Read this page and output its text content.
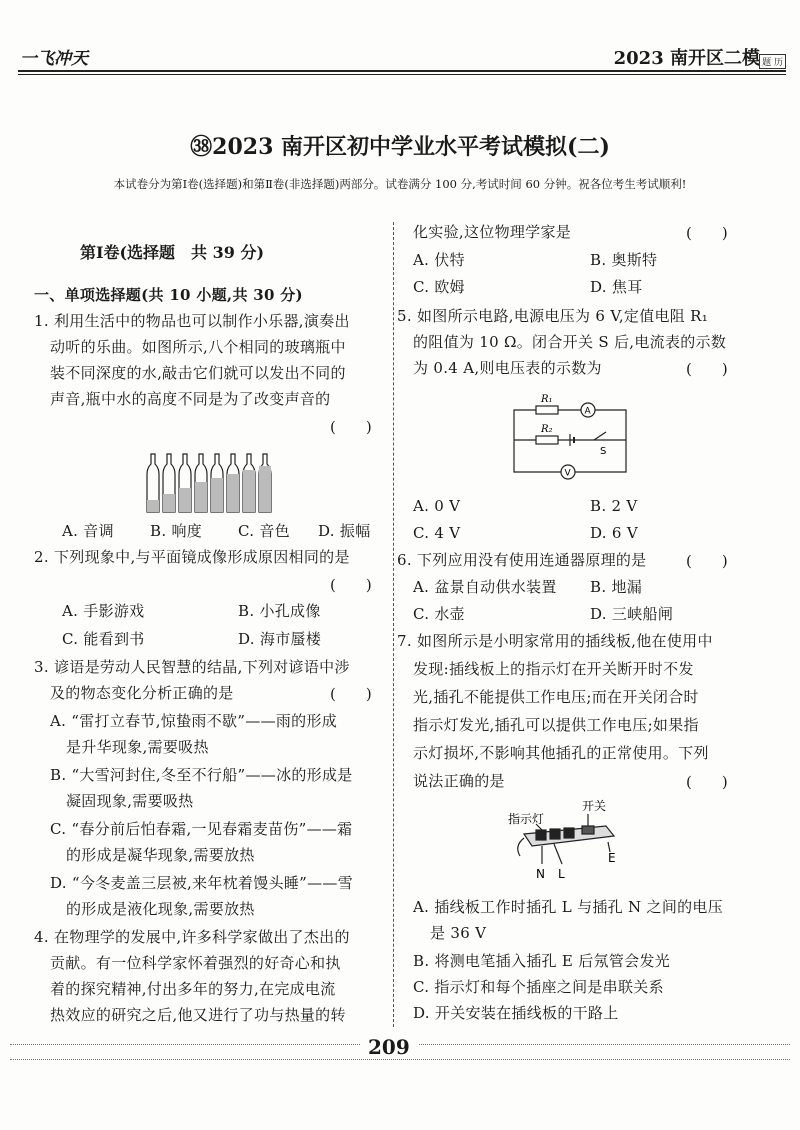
一飞冲天	2023 南开区二模 题 历
㊳2023 南开区初中学业水平考试模拟(二)
本试卷分为第Ⅰ卷(选择题)和第Ⅱ卷(非选择题)两部分。试卷满分 100 分,考试时间 60 分钟。祝各位考生考试顺利!
第Ⅰ卷(选择题　共 39 分)
一、单项选择题(共 10 小题,共 30 分)
1. 利用生活中的物品也可以制作小乐器,演奏出
动听的乐曲。如图所示,八个相同的玻璃瓶中
装不同深度的水,敲击它们就可以发出不同的
声音,瓶中水的高度不同是为了改变声音的
(　　)
A. 音调 B. 响度 C. 音色 D. 振幅
2. 下列现象中,与平面镜成像形成原因相同的是
(　　)
A. 手影游戏	B. 小孔成像
C. 能看到书	D. 海市蜃楼
3. 谚语是劳动人民智慧的结晶,下列对谚语中涉
及的物态变化分析正确的是	(　　)
A. “雷打立春节,惊蛰雨不歇”——雨的形成
是升华现象,需要吸热
B. “大雪河封住,冬至不行船”——冰的形成是
凝固现象,需要吸热
C. “春分前后怕春霜,一见春霜麦苗伤”——霜
的形成是凝华现象,需要放热
D. “今冬麦盖三层被,来年枕着馒头睡”——雪
的形成是液化现象,需要放热
4. 在物理学的发展中,许多科学家做出了杰出的
贡献。有一位科学家怀着强烈的好奇心和执
着的探究精神,付出多年的努力,在完成电流
热效应的研究之后,他又进行了功与热量的转
化实验,这位物理学家是	(　　)
A. 伏特	B. 奥斯特
C. 欧姆	D. 焦耳
5. 如图所示电路,电源电压为 6 V,定值电阻 R₁
的阻值为 10 Ω。闭合开关 S 后,电流表的示数
为 0.4 A,则电压表的示数为	(　　)
R₁
R₂
A
V
S
A. 0 V	B. 2 V
C. 4 V	D. 6 V
6. 下列应用没有使用连通器原理的是	(　　)
A. 盆景自动供水装置 B. 地漏
C. 水壶	D. 三峡船闸
7. 如图所示是小明家常用的插线板,他在使用中
发现:插线板上的指示灯在开关断开时不发
光,插孔不能提供工作电压;而在开关闭合时
指示灯发光,插孔可以提供工作电压;如果指
示灯损坏,不影响其他插孔的正常使用。下列
说法正确的是	(　　)
指示灯
开关
E
N L
A. 插线板工作时插孔 L 与插孔 N 之间的电压
是 36 V
B. 将测电笔插入插孔 E 后氖管会发光
C. 指示灯和每个插座之间是串联关系
D. 开关安装在插线板的干路上
209
